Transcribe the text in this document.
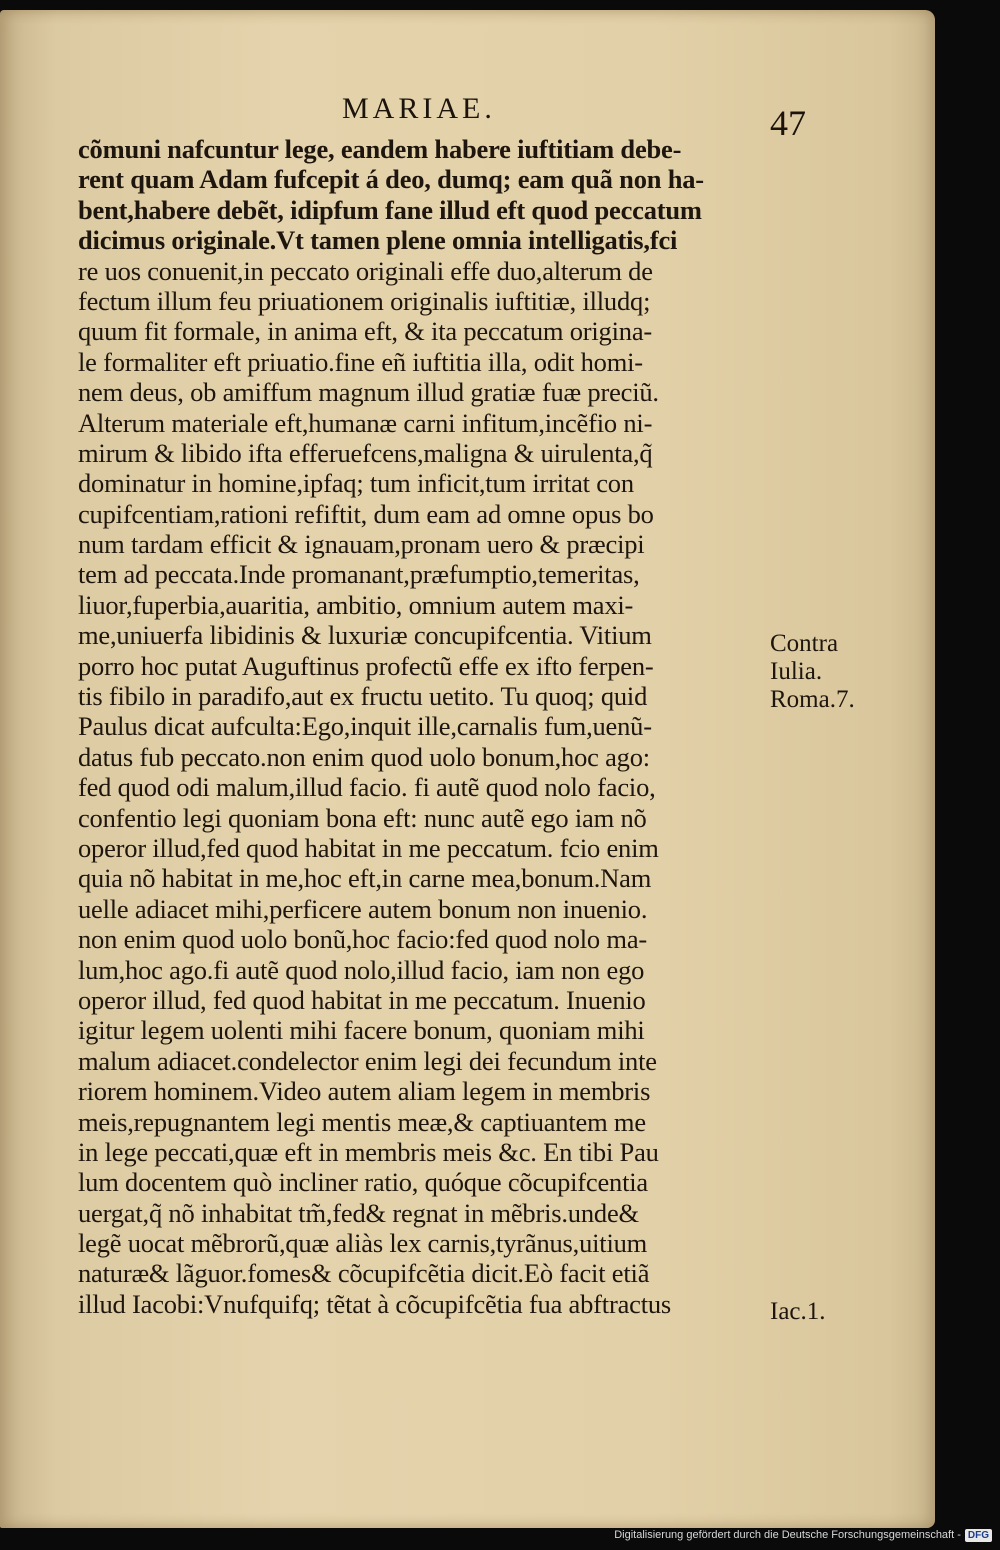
MARIAE.	47
cõmuni nafcuntur lege, eandem habere iuftitiam debe-
rent quam Adam fufcepit á deo, dumq; eam quã non ha-
bent,habere debẽt, idipfum fane illud eft quod peccatum
dicimus originale.Vt tamen plene omnia intelligatis,fci
re uos conuenit,in peccato originali effe duo,alterum de
fectum illum feu priuationem originalis iuftitiæ, illudq;
quum fit formale, in anima eft, & ita peccatum origina-
le formaliter eft priuatio.fine eñ iuftitia illa, odit homi-
nem deus, ob amiffum magnum illud gratiæ fuæ preciũ.
Alterum materiale eft,humanæ carni infitum,incẽfio ni-
mirum & libido ifta efferuefcens,maligna & uirulenta,q̃
dominatur in homine,ipfaq; tum inficit,tum irritat con
cupifcentiam,rationi refiftit, dum eam ad omne opus bo
num tardam efficit & ignauam,pronam uero & præcipi
tem ad peccata.Inde promanant,præfumptio,temeritas,
liuor,fuperbia,auaritia, ambitio, omnium autem maxi-
me,uniuerfa libidinis & luxuriæ concupifcentia. Vitium
porro hoc putat Auguftinus profectũ effe ex ifto ferpen-
tis fibilo in paradifo,aut ex fructu uetito. Tu quoq; quid
Paulus dicat aufculta:Ego,inquit ille,carnalis fum,uenũ-
datus fub peccato.non enim quod uolo bonum,hoc ago:
fed quod odi malum,illud facio. fi autẽ quod nolo facio,
confentio legi quoniam bona eft: nunc autẽ ego iam nõ
operor illud,fed quod habitat in me peccatum. fcio enim
quia nõ habitat in me,hoc eft,in carne mea,bonum.Nam
uelle adiacet mihi,perficere autem bonum non inuenio.
non enim quod uolo bonũ,hoc facio:fed quod nolo ma-
lum,hoc ago.fi autẽ quod nolo,illud facio, iam non ego
operor illud, fed quod habitat in me peccatum. Inuenio
igitur legem uolenti mihi facere bonum, quoniam mihi
malum adiacet.condelector enim legi dei fecundum inte
riorem hominem.Video autem aliam legem in membris
meis,repugnantem legi mentis meæ,& captiuantem me
in lege peccati,quæ eft in membris meis &c. En tibi Pau
lum docentem quò incliner ratio, quóque cõcupifcentia
uergat,q̃ nõ inhabitat tm̃,fed& regnat in mẽbris.unde&
legẽ uocat mẽbrorũ,quæ aliàs lex carnis,tyrãnus,uitium
naturæ& lãguor.fomes& cõcupifcẽtia dicit.Eò facit etiã
illud Iacobi:Vnufquifq; tẽtat à cõcupifcẽtia fua abftractus
Contra
Iulia.
Roma.7.
Iac.1.
Digitalisierung gefördert durch die Deutsche Forschungsgemeinschaft - DFG
